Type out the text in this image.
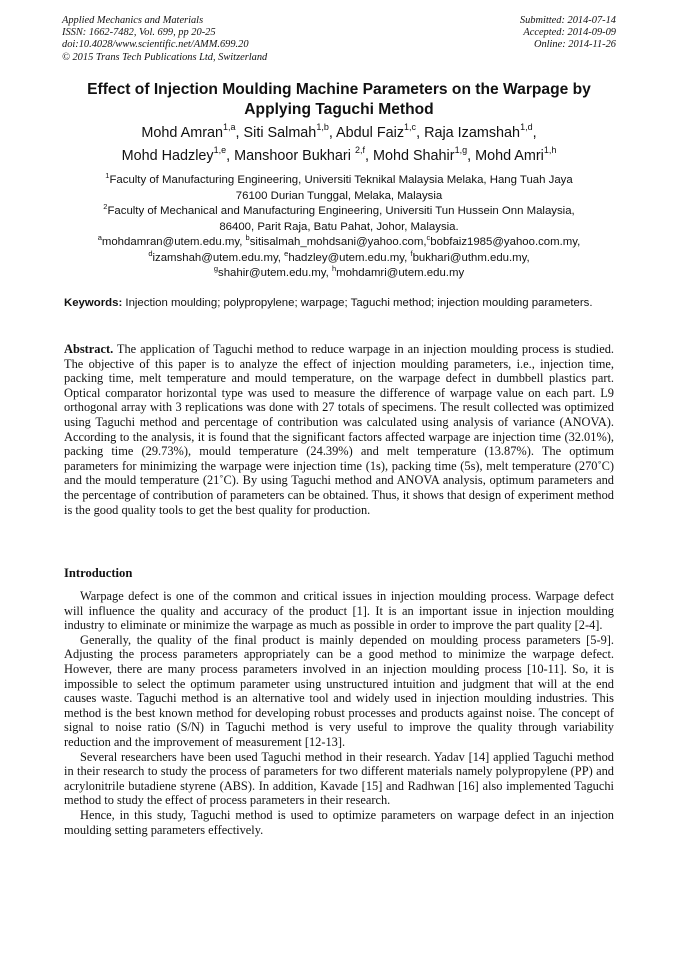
Applied Mechanics and Materials
ISSN: 1662-7482, Vol. 699, pp 20-25
doi:10.4028/www.scientific.net/AMM.699.20
© 2015 Trans Tech Publications Ltd, Switzerland
Submitted: 2014-07-14
Accepted: 2014-09-09
Online: 2014-11-26
Effect of Injection Moulding Machine Parameters on the Warpage by
Applying Taguchi Method
Mohd Amran$^{1,a}$, Siti Salmah$^{1,b}$, Abdul Faiz$^{1,c}$, Raja Izamshah$^{1,d}$,
Mohd Hadzley$^{1,e}$, Manshoor Bukhari $^{2,f}$, Mohd Shahir$^{1,g}$, Mohd Amri$^{1,h}$
$^1$Faculty of Manufacturing Engineering, Universiti Teknikal Malaysia Melaka, Hang Tuah Jaya
76100 Durian Tunggal, Melaka, Malaysia
$^2$Faculty of Mechanical and Manufacturing Engineering, Universiti Tun Hussein Onn Malaysia,
86400, Parit Raja, Batu Pahat, Johor, Malaysia.
$^a$mohdamran@utem.edu.my, $^b$sitisalmah_mohdsani@yahoo.com,$^c$bobfaiz1985@yahoo.com.my,
$^d$izamshah@utem.edu.my, $^e$hadzley@utem.edu.my, $^f$bukhari@uthm.edu.my,
$^g$shahir@utem.edu.my, $^h$mohdamri@utem.edu.my
Keywords: Injection moulding; polypropylene; warpage; Taguchi method; injection moulding parameters.
Abstract. The application of Taguchi method to reduce warpage in an injection moulding process is studied. The objective of this paper is to analyze the effect of injection moulding parameters, i.e., injection time, packing time, melt temperature and mould temperature, on the warpage defect in dumbbell plastics part. Optical comparator horizontal type was used to measure the difference of warpage value on each part. L9 orthogonal array with 3 replications was done with 27 totals of specimens. The result collected was optimized using Taguchi method and percentage of contribution was calculated using analysis of variance (ANOVA). According to the analysis, it is found that the significant factors affected warpage are injection time (32.01%), packing time (29.73%), mould temperature (24.39%) and melt temperature (13.87%). The optimum parameters for minimizing the warpage were injection time (1s), packing time (5s), melt temperature (270˚C) and the mould temperature (21˚C). By using Taguchi method and ANOVA analysis, optimum parameters and the percentage of contribution of parameters can be obtained. Thus, it shows that design of experiment method is the good quality tools to get the best quality for production.
Introduction

Warpage defect is one of the common and critical issues in injection moulding process. Warpage defect will influence the quality and accuracy of the product [1]. It is an important issue in injection moulding industry to eliminate or minimize the warpage as much as possible in order to improve the part quality [2-4].

Generally, the quality of the final product is mainly depended on moulding process parameters [5-9]. Adjusting the process parameters appropriately can be a good method to minimize the warpage defect. However, there are many process parameters involved in an injection moulding process [10-11]. So, it is impossible to select the optimum parameter using unstructured intuition and judgment that will at the end causes waste. Taguchi method is an alternative tool and widely used in injection moulding industries. This method is the best known method for developing robust processes and products against noise. The concept of signal to noise ratio (S/N) in Taguchi method is very useful to improve the quality through variability reduction and the improvement of measurement [12-13].

Several researchers have been used Taguchi method in their research. Yadav [14] applied Taguchi method in their research to study the process of parameters for two different materials namely polypropylene (PP) and acrylonitrile butadiene styrene (ABS). In addition, Kavade [15] and Radhwan [16] also implemented Taguchi method to study the effect of process parameters in their research.

Hence, in this study, Taguchi method is used to optimize parameters on warpage defect in an injection moulding setting parameters effectively.
